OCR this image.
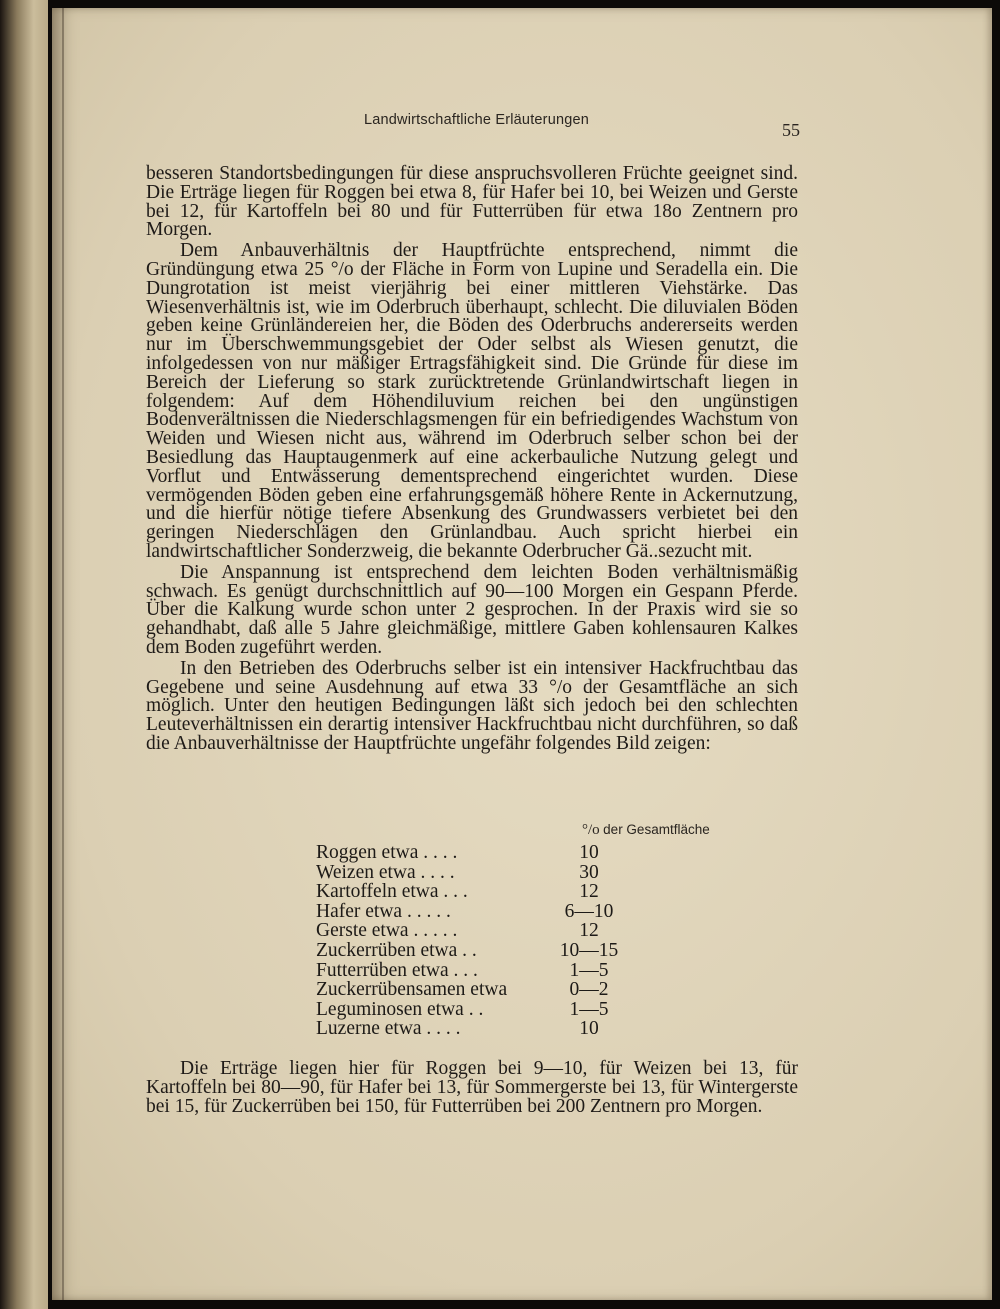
Landwirtschaftliche Erläuterungen	55

besseren Standortsbedingungen für diese anspruchsvolleren Früchte geeignet sind. Die Erträge liegen für Roggen bei etwa 8, für Hafer bei 10, bei Weizen und Gerste bei 12, für Kartoffeln bei 80 und für Futterrüben für etwa 18o Zentnern pro Morgen.

Dem Anbauverhältnis der Hauptfrüchte entsprechend, nimmt die Gründüngung etwa 25 °/o der Fläche in Form von Lupine und Seradella ein. Die Dungrotation ist meist vierjährig bei einer mittleren Viehstärke. Das Wiesenverhältnis ist, wie im Oderbruch überhaupt, schlecht. Die diluvialen Böden geben keine Grünländereien her, die Böden des Oderbruchs andererseits werden nur im Überschwemmungsgebiet der Oder selbst als Wiesen genutzt, die infolgedessen von nur mäßiger Ertragsfähigkeit sind. Die Gründe für diese im Bereich der Lieferung so stark zurücktretende Grünlandwirtschaft liegen in folgendem: Auf dem Höhendiluvium reichen bei den ungünstigen Bodenverältnissen die Niederschlagsmengen für ein befriedigendes Wachstum von Weiden und Wiesen nicht aus, während im Oderbruch selber schon bei der Besiedlung das Hauptaugenmerk auf eine ackerbauliche Nutzung gelegt und Vorflut und Entwässerung dementsprechend eingerichtet wurden. Diese vermögenden Böden geben eine erfahrungsgemäß höhere Rente in Ackernutzung, und die hierfür nötige tiefere Absenkung des Grundwassers verbietet bei den geringen Niederschlägen den Grünlandbau. Auch spricht hierbei ein landwirtschaftlicher Sonderzweig, die bekannte Oderbrucher Gä..sezucht mit.

Die Anspannung ist entsprechend dem leichten Boden verhältnismäßig schwach. Es genügt durchschnittlich auf 90—100 Morgen ein Gespann Pferde. Über die Kalkung wurde schon unter 2 gesprochen. In der Praxis wird sie so gehandhabt, daß alle 5 Jahre gleichmäßige, mittlere Gaben kohlensauren Kalkes dem Boden zugeführt werden.

In den Betrieben des Oderbruchs selber ist ein intensiver Hackfruchtbau das Gegebene und seine Ausdehnung auf etwa 33 °/o der Gesamtfläche an sich möglich. Unter den heutigen Bedingungen läßt sich jedoch bei den schlechten Leuteverhältnissen ein derartig intensiver Hackfruchtbau nicht durchführen, so daß die Anbauverhältnisse der Hauptfrüchte ungefähr folgendes Bild zeigen:

°/o der Gesamtfläche
Roggen etwa . . . .	10
Weizen etwa . . . .	30
Kartoffeln etwa . . .	12
Hafer etwa . . . . .	6—10
Gerste etwa . . . . .	12
Zuckerrüben etwa . .	10—15
Futterrüben etwa . . .	1—5
Zuckerrübensamen etwa	0—2
Leguminosen etwa . .	1—5
Luzerne etwa . . . .	10

Die Erträge liegen hier für Roggen bei 9—10, für Weizen bei 13, für Kartoffeln bei 80—90, für Hafer bei 13, für Sommergerste bei 13, für Wintergerste bei 15, für Zuckerrüben bei 150, für Futterrüben bei 200 Zentnern pro Morgen.
